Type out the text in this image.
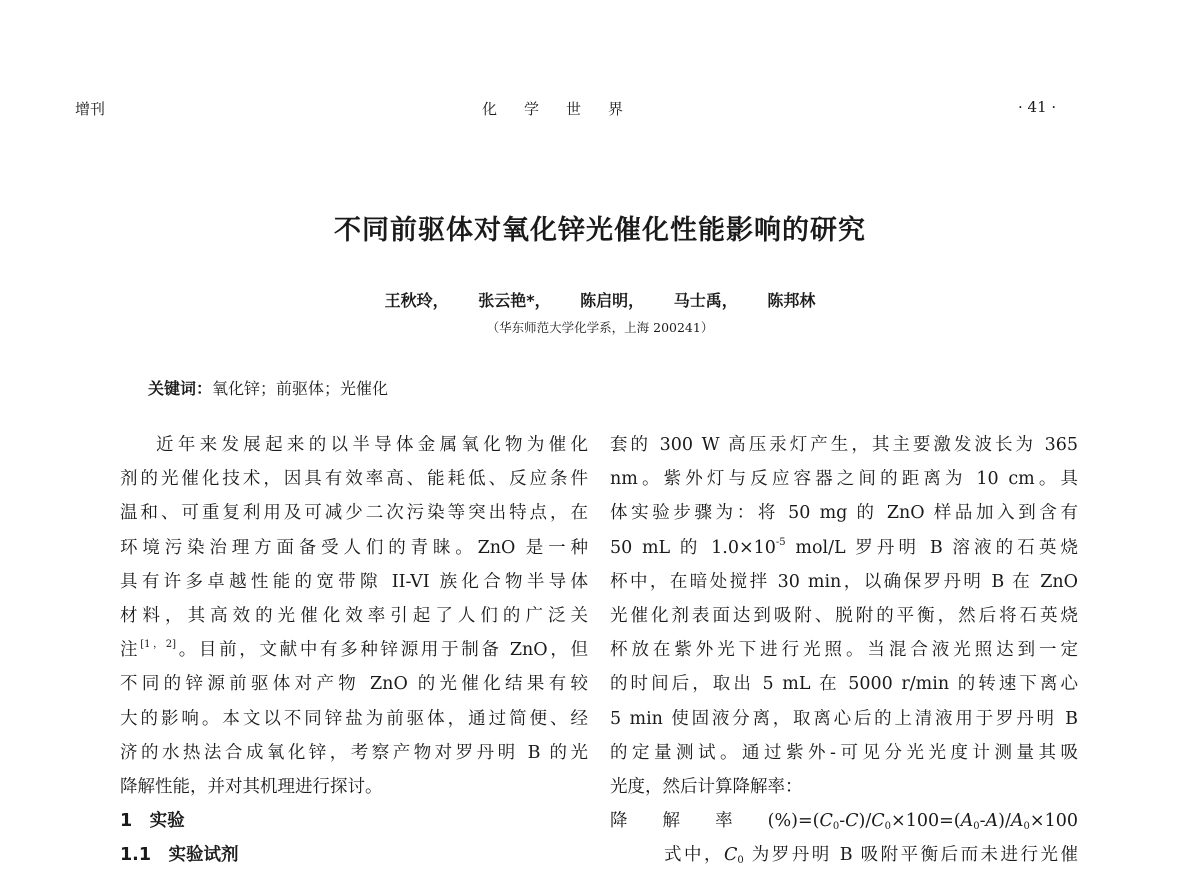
增刊	化　学　世　界	· 41 ·
不同前驱体对氧化锌光催化性能影响的研究
王秋玲， 张云艳*， 陈启明， 马士禹， 陈邦林
（华东师范大学化学系，上海 200241）
关键词：氧化锌；前驱体；光催化
近年来发展起来的以半导体金属氧化物为催化
剂的光催化技术，因具有效率高、能耗低、反应条件
温和、可重复利用及可减少二次污染等突出特点，在
环境污染治理方面备受人们的青睐。ZnO 是一种
具有许多卓越性能的宽带隙 II-VI 族化合物半导体
材料，其高效的光催化效率引起了人们的广泛关
注[1，2]。目前，文献中有多种锌源用于制备 ZnO，但
不同的锌源前驱体对产物 ZnO 的光催化结果有较
大的影响。本文以不同锌盐为前驱体，通过简便、经
济的水热法合成氧化锌，考察产物对罗丹明 B 的光
降解性能，并对其机理进行探讨。
1　实验
1.1　实验试剂
套的 300 W 高压汞灯产生，其主要激发波长为 365
nm。紫外灯与反应容器之间的距离为 10 cm。具
体实验步骤为：将 50 mg 的 ZnO 样品加入到含有
50 mL 的 $1.0\times 10^{-5}$ mol/L 罗丹明 B 溶液的石英烧
杯中，在暗处搅拌 30 min，以确保罗丹明 B 在 ZnO
光催化剂表面达到吸附、脱附的平衡，然后将石英烧
杯放在紫外光下进行光照。当混合液光照达到一定
的时间后，取出 5 mL 在 5000 r/min 的转速下离心
5 min 使固液分离，取离心后的上清液用于罗丹明 B
的定量测试。通过紫外-可见分光光度计测量其吸
光度，然后计算降解率：
降解率$(\%)=(C_0-C)/C_0\times 100=(A_0-A)/A_0\times 100$
式中，$C_0$ 为罗丹明 B 吸附平衡后而未进行光催
